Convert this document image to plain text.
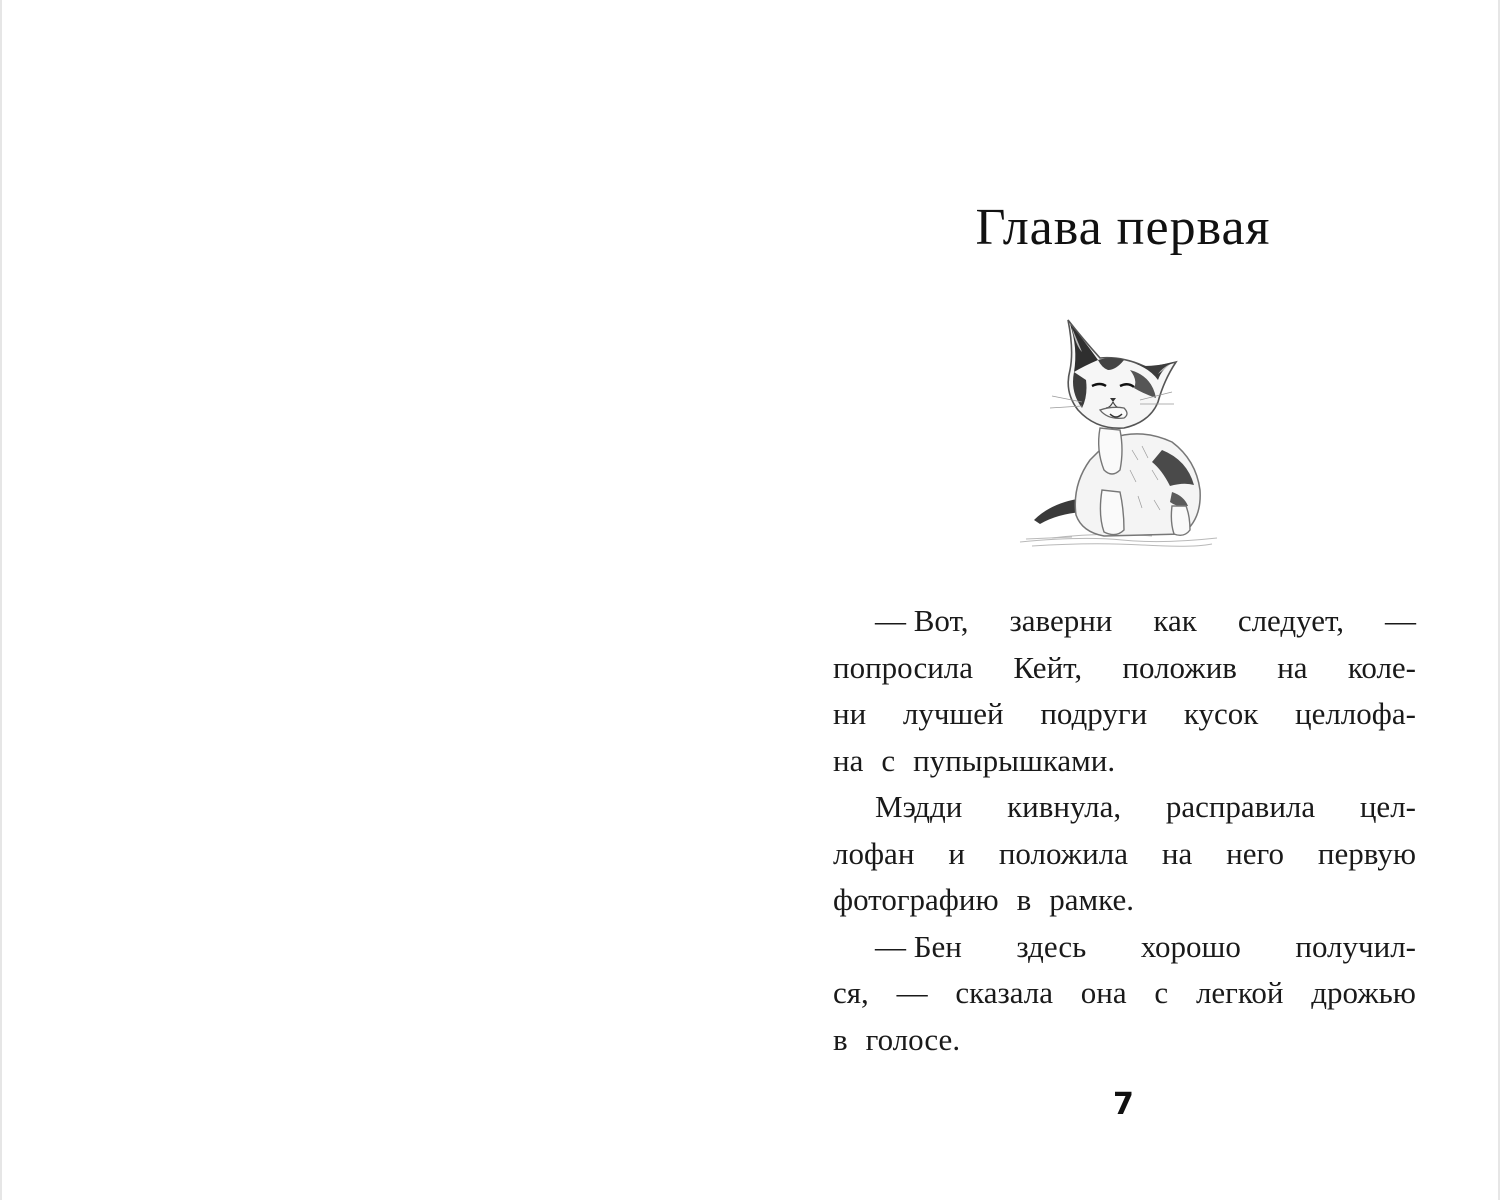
Глава первая
7
— Вот, заверни как следует, —
попросила Кейт, положив на коле-
ни лучшей подруги кусок целлофа-
на с пупырышками.
Мэдди кивнула, расправила цел-
лофан и положила на него первую
фотографию в рамке.
— Бен здесь хорошо получил-
ся, — сказала она с легкой дрожью
в голосе.
